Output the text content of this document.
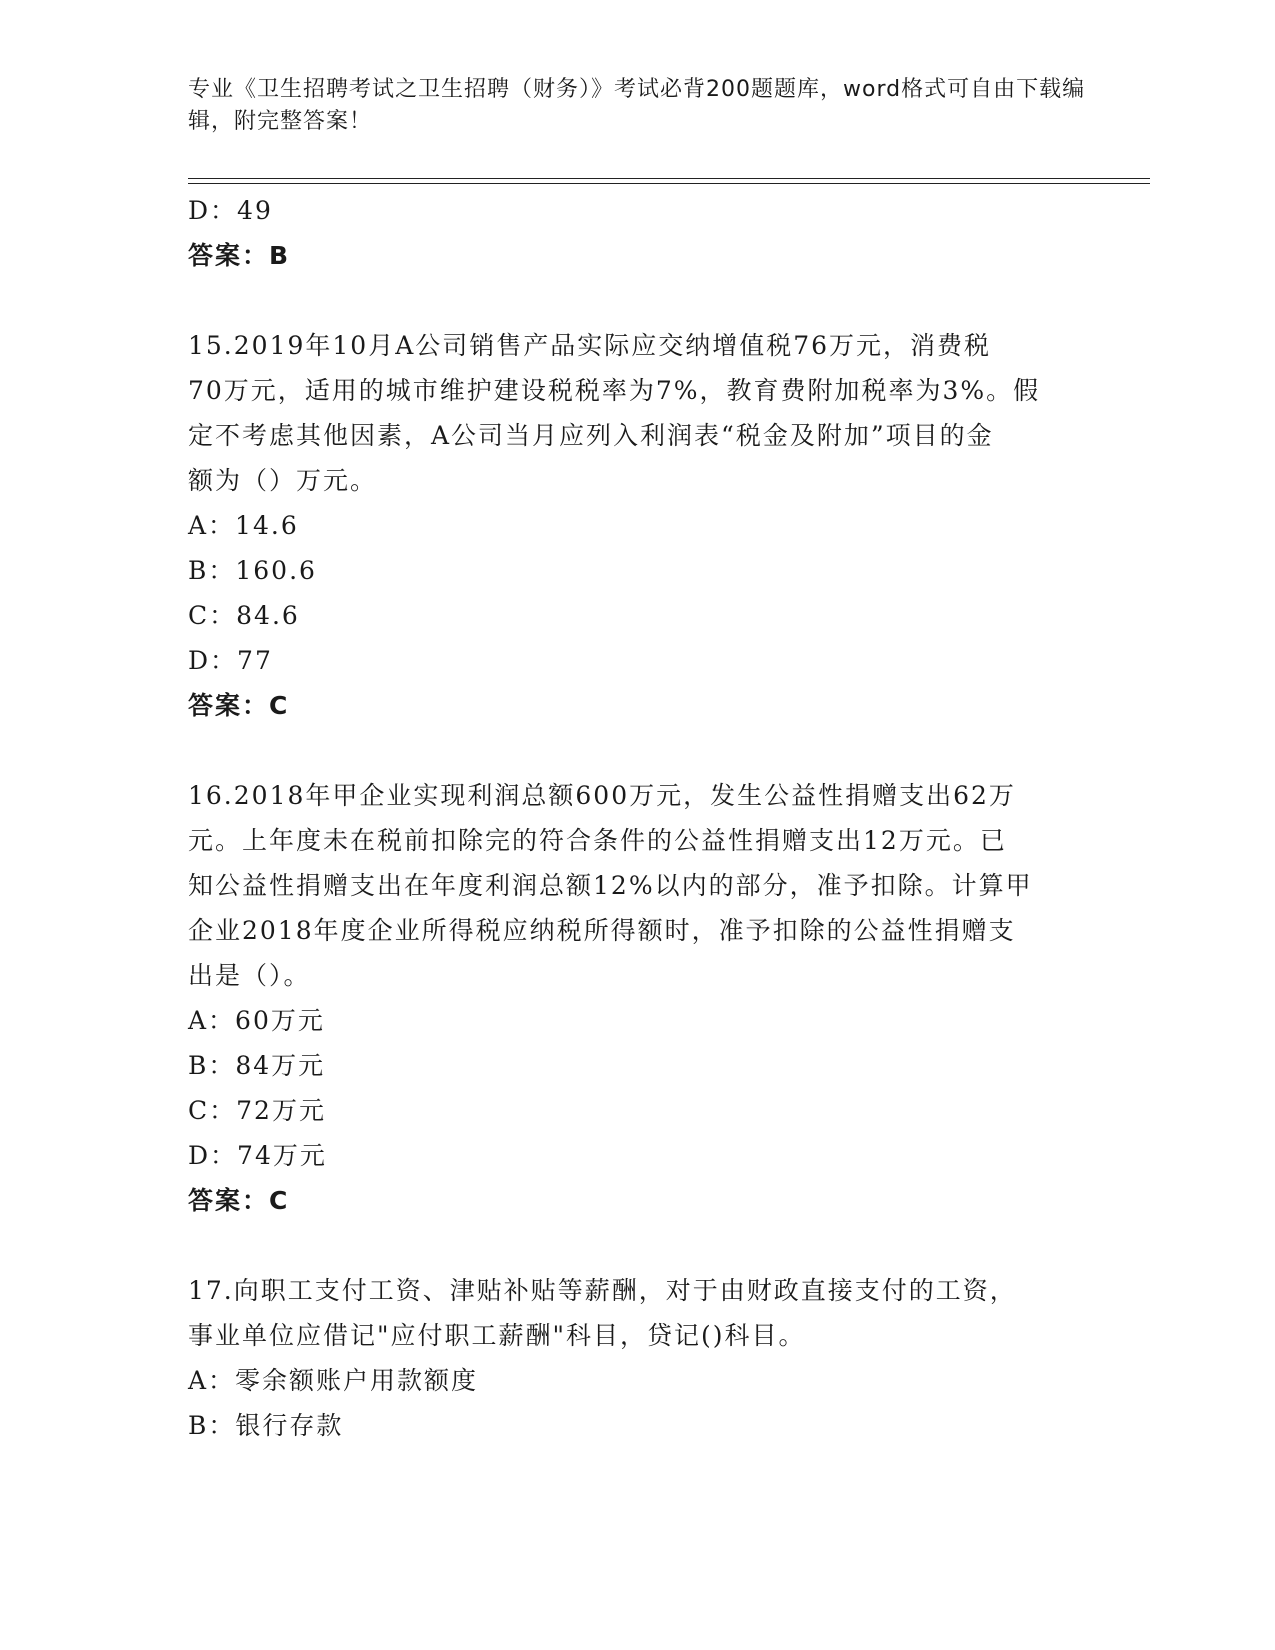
专业《卫生招聘考试之卫生招聘（财务）》考试必背200题题库，word格式可自由下载编辑，附完整答案！

D：49

答案：B

15.2019年10月A公司销售产品实际应交纳增值税76万元，消费税

70万元，适用的城市维护建设税税率为7%，教育费附加税率为3%。假

定不考虑其他因素，A公司当月应列入利润表“税金及附加”项目的金

额为（）万元。

A：14.6

B：160.6

C：84.6

D：77

答案：C

16.2018年甲企业实现利润总额600万元，发生公益性捐赠支出62万

元。上年度未在税前扣除完的符合条件的公益性捐赠支出12万元。已

知公益性捐赠支出在年度利润总额12%以内的部分，准予扣除。计算甲

企业2018年度企业所得税应纳税所得额时，准予扣除的公益性捐赠支

出是（）。

A：60万元

B：84万元

C：72万元

D：74万元

答案：C

17.向职工支付工资、津贴补贴等薪酬，对于由财政直接支付的工资，

事业单位应借记"应付职工薪酬"科目，贷记()科目。

A：零余额账户用款额度

B：银行存款
